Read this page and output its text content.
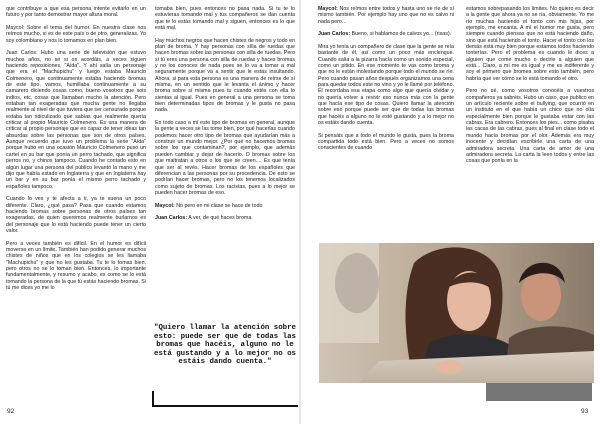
que contribuye a que esa persona intente evitarlo en un futuro y por tanto demostrar mayor altura moral.

Maycol: Sobre el tema del humor. En nuestra clase nos reímos mucho, si es de este país o de otro, generalizas. Yo soy colombiano y nos lo tomamos en plan bien.

Juan Carlos: Hubo una serie de televisión que estuvo muchos años, no sé si os acordáis, a veces siguen haciendo reposiciones, "Aída". Y ahí salía un personaje que era el "Machupichu" y luego estaba Mauricio Colmenero, que continuamente estaba haciendo bromas de este tipo, vamos, humillaba continuamente a su camarero diciendo cosas como, bueno vosotros que sois indios, etc, cosas que llamaban mucho la atención. Pero estaban tan exageradas que mucha gente no llegaba realmente al nivel de que tuviera que ser censurado porque estaba tan ridiculizado que sabías que realmente quería criticar al propio Mauricio Colmenero. Es una manera de criticar al propio personaje que es capaz de tener ideas tan absurdas sobre las personas que son de otros países. Aunque recuerdo que tuvo un problema la serie "Aída" porque hubo en una ocasión Mauricio Colmenero puso un cartel en su bar que ponía un perro tachado, que significa perros no, y chinos tampoco. Cuando he contado esto en algún lugar una persona del público levantó la mano y me dijo que había estado en Inglaterra y que en Inglaterra hay un bar y en su bar ponía el mismo perro tachado y españoles tampoco.

Cuando lo ves y te afecta a ti, ya te suena un poco diferente. Claro, ¿qué pasa? Pasa que cuando estamos haciendo bromas sobre personas de otros países tan exageradas, de quien queremos realmente burlarnos es del personaje que lo está haciendo puede tener un cierto valor.

Pero a veces también es difícil. En el humor es difícil moverse en un límite. También han podido generar muchos chistes de niños que en los colegios se les llamaba "Machupichu" y que no les gustaba. Tu te lo tomas bien, pero otros no se lo toman bien. Entonces, lo importante fundamentalmente, y resumo y acabo, es como se lo está tomando la persona de la que tú estás haciendo bromas. Si tú me dices yo me lo

tomaba bien, pues entonces no pasa nada. Si tu te lo estuvieras tomando mal y tus compañeros se dan cuenta que te lo estás tomando mal y siguen, entonces es lo que está mal.

Hay muchos negros que hacen chistes de negros y todo en plan de broma. Y hay personas con sílla de ruedas que hacen bromas sobre las personas con silla de ruedas. Pero si tú eres una persona con silla de ruedas y haces bromas y no los conoces de nada pues se lo va a tomar a mal seguramente porque va a sentir que le estás insultando. Ahora, si para esta persona es una manera de reírse de sí misma, en un sentido que le levanta el ánimo y hacer broma sobre sí misma pues tu cuando estés con ella lo sientas al igual. Pues en general a una persona se toma bien determinadas tipos de bromas y le gusta no pasa nada.

En todo caso a mí este tipo de bromas en general, aunque la gente a veces se las tome bien, por qué hacerlas cuando podemos hacer otro tipo de bromas que ayudarían más a construir un mundo mejor. ¿Por qué no hacemos bromas sobre los que contaminan?, por ejemplo, que además pueden cambiar y dejar de hacerlo. O bromas sobre los que maltratan a otros o los que se creen.... Es que tenía que ser al revés. Hacer bromas de los españoles que diferencian a las personas por su procedencia. De esto se podrían hacer bromas, pero no los tenemos localizados como sujeto de bromas. Los racistas, pues a lo mejor se pueden hacer bromas de eso.

Maycol: No pero en mi clase se hace de todo

Juan Carlos: A ver, de qué haces broma.

"Quiero llamar la atención sobre esto: puede ser que de todas las bromas que hacéis, alguno no le está gustando y a lo mejor no os estáis dando cuenta."

Maycol: Nos reímos entre todos y hasta uno se ríe de sí mismo también. Por ejemplo hay uno que no es calvo ni nada pero...

Juan Carlos: Bueno, si hablamos de calvos yo... (risas).

Mira yo tenía un compañero de clase que la gente se reía bastante de él, así como un poco más enclenque. Cuando salía a la pizarra hacía como un sonido especial, como un pitido. En ese momento te vas como broma y que no le están molestando porque todo el mundo se ríe. Pero cuando pasan años después organizamos una cena para quedar todos este no vino y yo le llamé por teléfono. Él recordaba esa etapa como algo que quería olvidar y no quería volver a revivir eso nunca más con la gente que hacía ese tipo de cosas. Quiero llamar la atención sobre eso porque puede ser que de todas las bromas que hacéis a alguno no le esté gustando y a lo mejor no os estáis dando cuenta.

Si pensáis que a todo el mundo le gusta, pues la broma compartida todo está bien. Pero a veces no somos conscientes de cuando

estamos sobrepasando los límites. No quiero es decir a la gente que ahora ya no se ría, obviamente. Yo me río muchas haciendo el tonto con mis hijas, por ejemplo, me encanta. A mí el humor me gusta, pero siempre cuando piensas que no está haciendo daño, sino que está haciendo el tonto. Hacer el tonto con los demás está muy bien porque estamos todos haciendo tonterías. Pero el problema es cuando le dices a alguien que come mucho o decirle a alguien que está... Claro, a mí me es igual y me es indiferente y soy el primero que bromea sobre esto también, pero habría que ver cómo se lo está tomando el otro.

Pero no sé, como vosotros conocéis a vuestros compañeros ya sabréis. Hubo un caso, que publico en un artículo reciente sobre el bullying, que ocurrió en un instituto en el que había un chico que no olía especialmente bien porque le gustaba estar con las cabras. Era cabrero. Entonces los pies... como pisaba las cacas de las cabras, pues al final en clase todo el mundo hacía bromas por el olor. Además era muy inocente y decidían escribirle una carta de una admiradora secreta. Una carta de amor de una admiradora secreta. La carta la leen todos y entre las cosas que ponía en la

92	93
